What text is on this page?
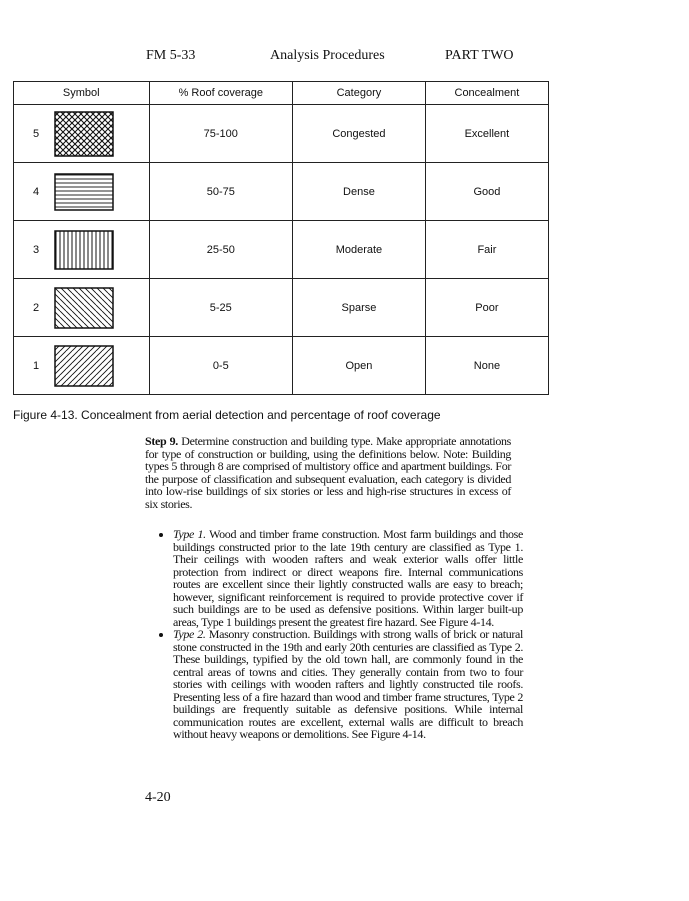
FM 5-33	Analysis Procedures	PART TWO
Symbol	% Roof coverage	Category	Concealment

5	75-100	Congested	Excellent

4	50-75	Dense	Good

3	25-50	Moderate	Fair

2	5-25	Sparse	Poor

1	0-5	Open	None
Figure 4-13. Concealment from aerial detection and percentage of roof coverage

Step 9. Determine construction and building type. Make appropriate annotations for type of construction or building, using the definitions below. Note: Building types 5 through 8 are comprised of multistory office and apartment buildings. For the purpose of classification and subsequent evaluation, each category is divided into low-rise buildings of six stories or less and high-rise structures in excess of six stories.

• Type 1. Wood and timber frame construction. Most farm buildings and those buildings constructed prior to the late 19th century are classified as Type 1. Their ceilings with wooden rafters and weak exterior walls offer little protection from indirect or direct weapons fire. Internal communications routes are excellent since their lightly constructed walls are easy to breach; however, significant reinforcement is required to provide protective cover if such buildings are to be used as defensive positions. Within larger built-up areas, Type 1 buildings present the greatest fire hazard. See Figure 4-14.
• Type 2. Masonry construction. Buildings with strong walls of brick or natural stone constructed in the 19th and early 20th centuries are classified as Type 2. These buildings, typified by the old town hall, are commonly found in the central areas of towns and cities. They generally contain from two to four stories with ceilings with wooden rafters and lightly constructed tile roofs. Presenting less of a fire hazard than wood and timber frame structures, Type 2 buildings are frequently suitable as defensive positions. While internal communication routes are excellent, external walls are difficult to breach without heavy weapons or demolitions. See Figure 4-14.
4-20
